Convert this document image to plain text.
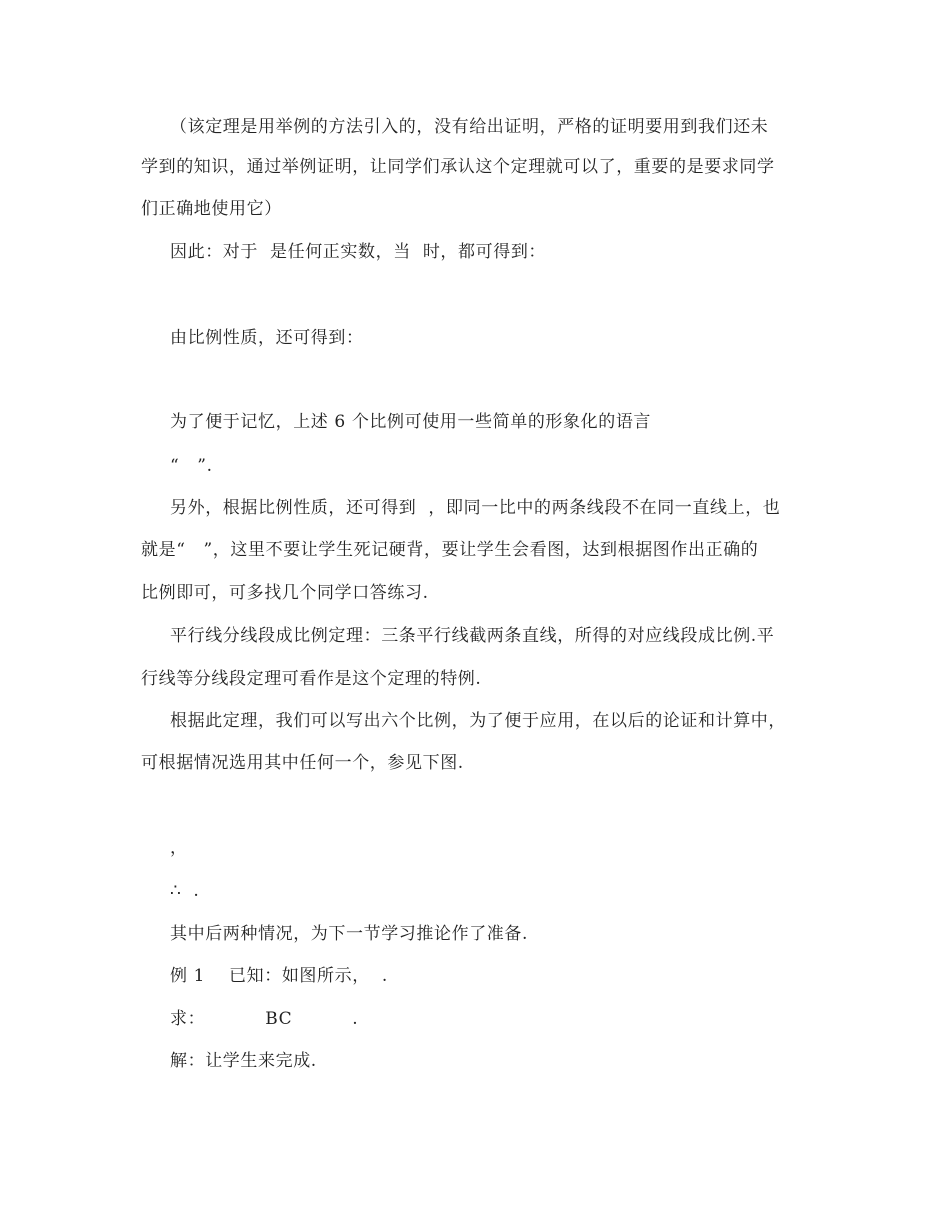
（该定理是用举例的方法引入的，没有给出证明，严格的证明要用到我们还未
学到的知识，通过举例证明，让同学们承认这个定理就可以了，重要的是要求同学
们正确地使用它）
因此：对于  是任何正实数，当  时，都可得到：
由比例性质，还可得到：
为了便于记忆，上述 6 个比例可使用一些简单的形象化的语言
“   ”.
另外，根据比例性质，还可得到  ，即同一比中的两条线段不在同一直线上，也
就是“   ”，这里不要让学生死记硬背，要让学生会看图，达到根据图作出正确的
比例即可，可多找几个同学口答练习.
平行线分线段成比例定理：三条平行线截两条直线，所得的对应线段成比例.平
行线等分线段定理可看作是这个定理的特例.
根据此定理，我们可以写出六个比例，为了便于应用，在以后的论证和计算中，
可根据情况选用其中任何一个，参见下图.
，
∴  .
其中后两种情况，为下一节学习推论作了准备.
例 1    已知：如图所示，  .
求：          BC          .
解：让学生来完成.
